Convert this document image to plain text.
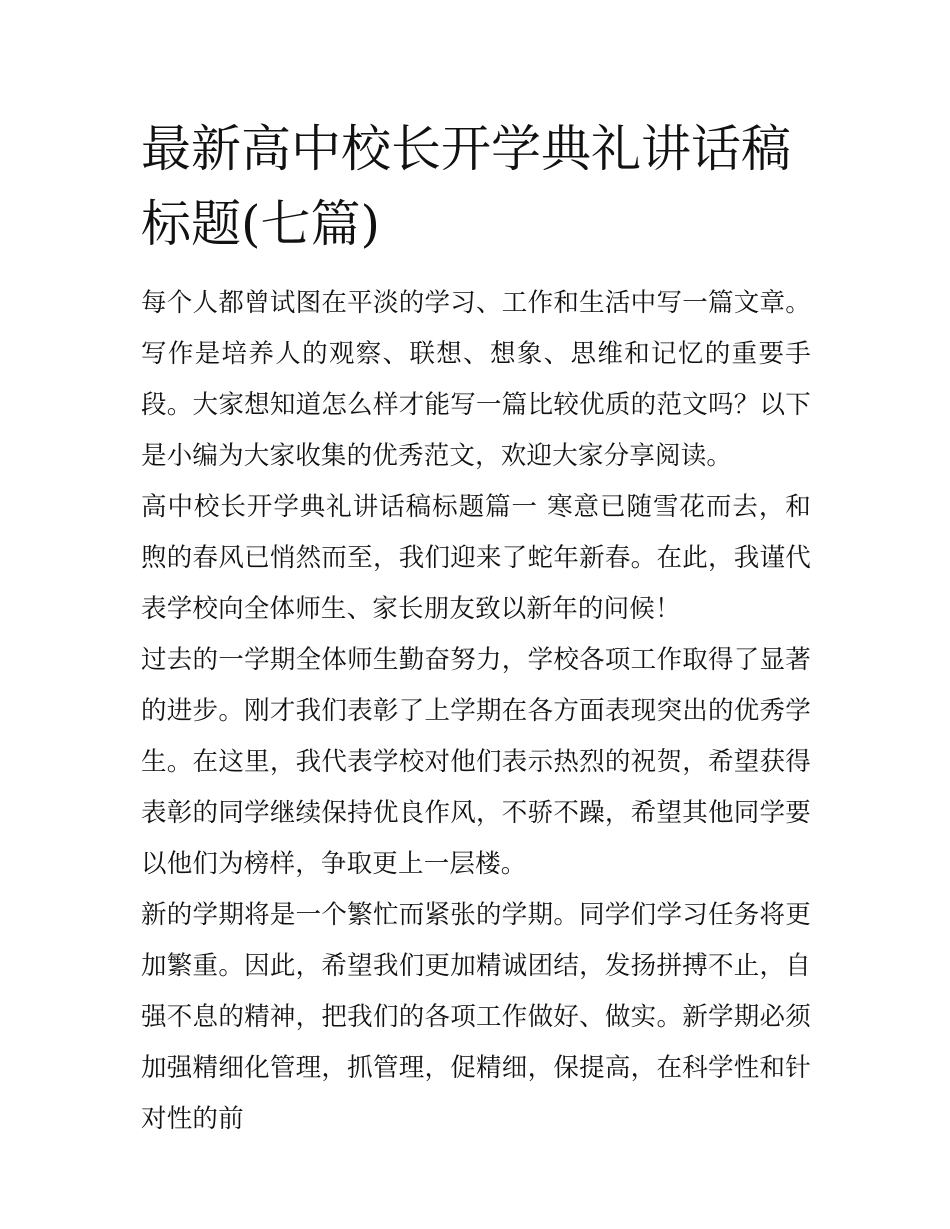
最新高中校长开学典礼讲话稿标题(七篇)

每个人都曾试图在平淡的学习、工作和生活中写一篇文章。写作是培养人的观察、联想、想象、思维和记忆的重要手段。大家想知道怎么样才能写一篇比较优质的范文吗？以下是小编为大家收集的优秀范文，欢迎大家分享阅读。

高中校长开学典礼讲话稿标题篇一 寒意已随雪花而去，和煦的春风已悄然而至，我们迎来了蛇年新春。在此，我谨代表学校向全体师生、家长朋友致以新年的问候！

过去的一学期全体师生勤奋努力，学校各项工作取得了显著的进步。刚才我们表彰了上学期在各方面表现突出的优秀学生。在这里，我代表学校对他们表示热烈的祝贺，希望获得表彰的同学继续保持优良作风，不骄不躁，希望其他同学要以他们为榜样，争取更上一层楼。

新的学期将是一个繁忙而紧张的学期。同学们学习任务将更加繁重。因此，希望我们更加精诚团结，发扬拼搏不止，自强不息的精神，把我们的各项工作做好、做实。新学期必须加强精细化管理，抓管理，促精细，保提高，在科学性和针对性的前
